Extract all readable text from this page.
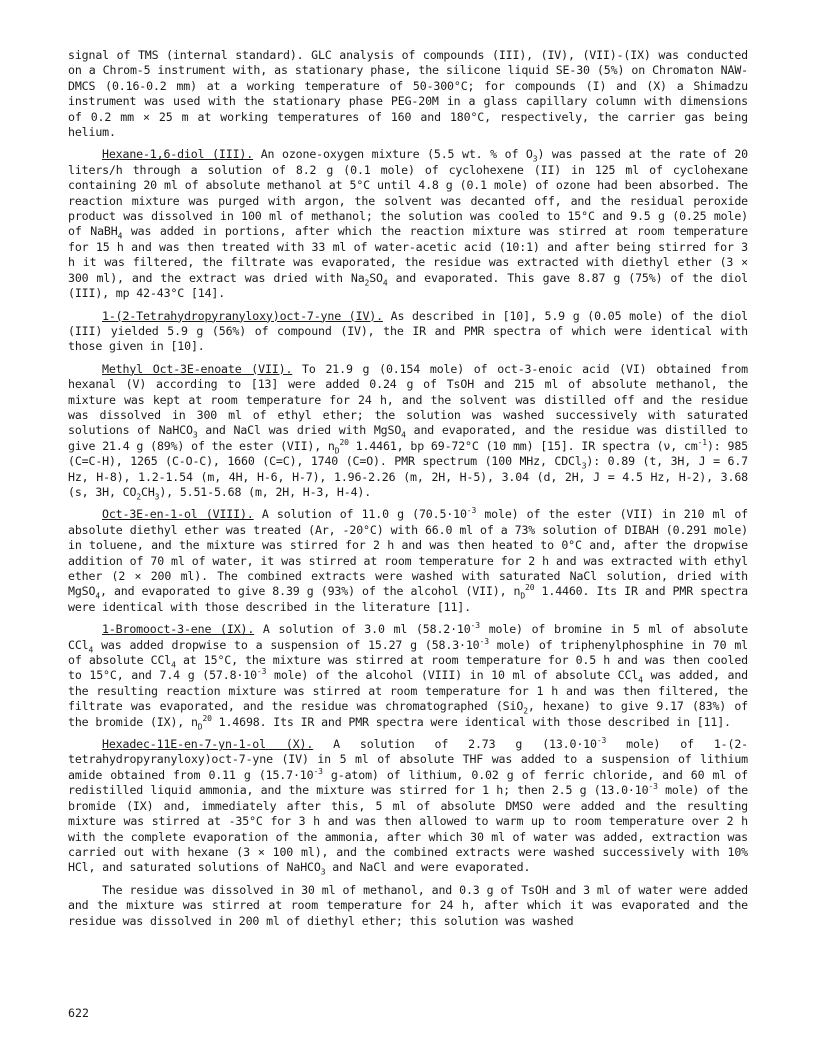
signal of TMS (internal standard). GLC analysis of compounds (III), (IV), (VII)-(IX) was conducted on a Chrom-5 instrument with, as stationary phase, the silicone liquid SE-30 (5%) on Chromaton NAW-DMCS (0.16-0.2 mm) at a working temperature of 50-300°C; for compounds (I) and (X) a Shimadzu instrument was used with the stationary phase PEG-20M in a glass capillary column with dimensions of 0.2 mm × 25 m at working temperatures of 160 and 180°C, respectively, the carrier gas being helium.

Hexane-1,6-diol (III). An ozone-oxygen mixture (5.5 wt. % of $O_3$) was passed at the rate of 20 liters/h through a solution of 8.2 g (0.1 mole) of cyclohexene (II) in 125 ml of cyclohexane containing 20 ml of absolute methanol at 5°C until 4.8 g (0.1 mole) of ozone had been absorbed. The reaction mixture was purged with argon, the solvent was decanted off, and the residual peroxide product was dissolved in 100 ml of methanol; the solution was cooled to 15°C and 9.5 g (0.25 mole) of NaBH$_4$ was added in portions, after which the reaction mixture was stirred at room temperature for 15 h and was then treated with 33 ml of water-acetic acid (10:1) and after being stirred for 3 h it was filtered, the filtrate was evaporated, the residue was extracted with diethyl ether (3 × 300 ml), and the extract was dried with $Na_2SO_4$ and evaporated. This gave 8.87 g (75%) of the diol (III), mp 42-43°C [14].

1-(2-Tetrahydropyranyloxy)oct-7-yne (IV). As described in [10], 5.9 g (0.05 mole) of the diol (III) yielded 5.9 g (56%) of compound (IV), the IR and PMR spectra of which were identical with those given in [10].

Methyl Oct-3E-enoate (VII). To 21.9 g (0.154 mole) of oct-3-enoic acid (VI) obtained from hexanal (V) according to [13] were added 0.24 g of TsOH and 215 ml of absolute methanol, the mixture was kept at room temperature for 24 h, and the solvent was distilled off and the residue was dissolved in 300 ml of ethyl ether; the solution was washed successively with saturated solutions of NaHCO$_3$ and NaCl was dried with MgSO$_4$ and evaporated, and the residue was distilled to give 21.4 g (89%) of the ester (VII), $n_D^{20}$ 1.4461, bp 69-72°C (10 mm) [15]. IR spectra (ν, $cm^{-1}$): 985 (C=C-H), 1265 (C-O-C), 1660 (C=C), 1740 (C=O). PMR spectrum (100 MHz, CDCl$_3$): 0.89 (t, 3H, J = 6.7 Hz, H-8), 1.2-1.54 (m, 4H, H-6, H-7), 1.96-2.26 (m, 2H, H-5), 3.04 (d, 2H, J = 4.5 Hz, H-2), 3.68 (s, 3H, $CO_2CH_3$), 5.51-5.68 (m, 2H, H-3, H-4).

Oct-3E-en-1-ol (VIII). A solution of 11.0 g ($70.5\cdot 10^{-3}$ mole) of the ester (VII) in 210 ml of absolute diethyl ether was treated (Ar, -20°C) with 66.0 ml of a 73% solution of DIBAH (0.291 mole) in toluene, and the mixture was stirred for 2 h and was then heated to 0°C and, after the dropwise addition of 70 ml of water, it was stirred at room temperature for 2 h and was extracted with ethyl ether (2 × 200 ml). The combined extracts were washed with saturated NaCl solution, dried with MgSO$_4$, and evaporated to give 8.39 g (93%) of the alcohol (VII), $n_D^{20}$ 1.4460. Its IR and PMR spectra were identical with those described in the literature [11].

1-Bromooct-3-ene (IX). A solution of 3.0 ml ($58.2\cdot 10^{-3}$ mole) of bromine in 5 ml of absolute CCl$_4$ was added dropwise to a suspension of 15.27 g ($58.3\cdot 10^{-3}$ mole) of triphenylphosphine in 70 ml of absolute CCl$_4$ at 15°C, the mixture was stirred at room temperature for 0.5 h and was then cooled to 15°C, and 7.4 g ($57.8\cdot 10^{-3}$ mole) of the alcohol (VIII) in 10 ml of absolute CCl$_4$ was added, and the resulting reaction mixture was stirred at room temperature for 1 h and was then filtered, the filtrate was evaporated, and the residue was chromatographed (SiO$_2$, hexane) to give 9.17 (83%) of the bromide (IX), $n_D^{20}$ 1.4698. Its IR and PMR spectra were identical with those described in [11].

Hexadec-11E-en-7-yn-1-ol (X). A solution of 2.73 g ($13.0\cdot 10^{-3}$ mole) of 1-(2-tetrahydropyranyloxy)oct-7-yne (IV) in 5 ml of absolute THF was added to a suspension of lithium amide obtained from 0.11 g ($15.7\cdot 10^{-3}$ g-atom) of lithium, 0.02 g of ferric chloride, and 60 ml of redistilled liquid ammonia, and the mixture was stirred for 1 h; then 2.5 g ($13.0\cdot 10^{-3}$ mole) of the bromide (IX) and, immediately after this, 5 ml of absolute DMSO were added and the resulting mixture was stirred at -35°C for 3 h and was then allowed to warm up to room temperature over 2 h with the complete evaporation of the ammonia, after which 30 ml of water was added, extraction was carried out with hexane (3 × 100 ml), and the combined extracts were washed successively with 10% HCl, and saturated solutions of NaHCO$_3$ and NaCl and were evaporated.

The residue was dissolved in 30 ml of methanol, and 0.3 g of TsOH and 3 ml of water were added and the mixture was stirred at room temperature for 24 h, after which it was evaporated and the residue was dissolved in 200 ml of diethyl ether; this solution was washed

622
